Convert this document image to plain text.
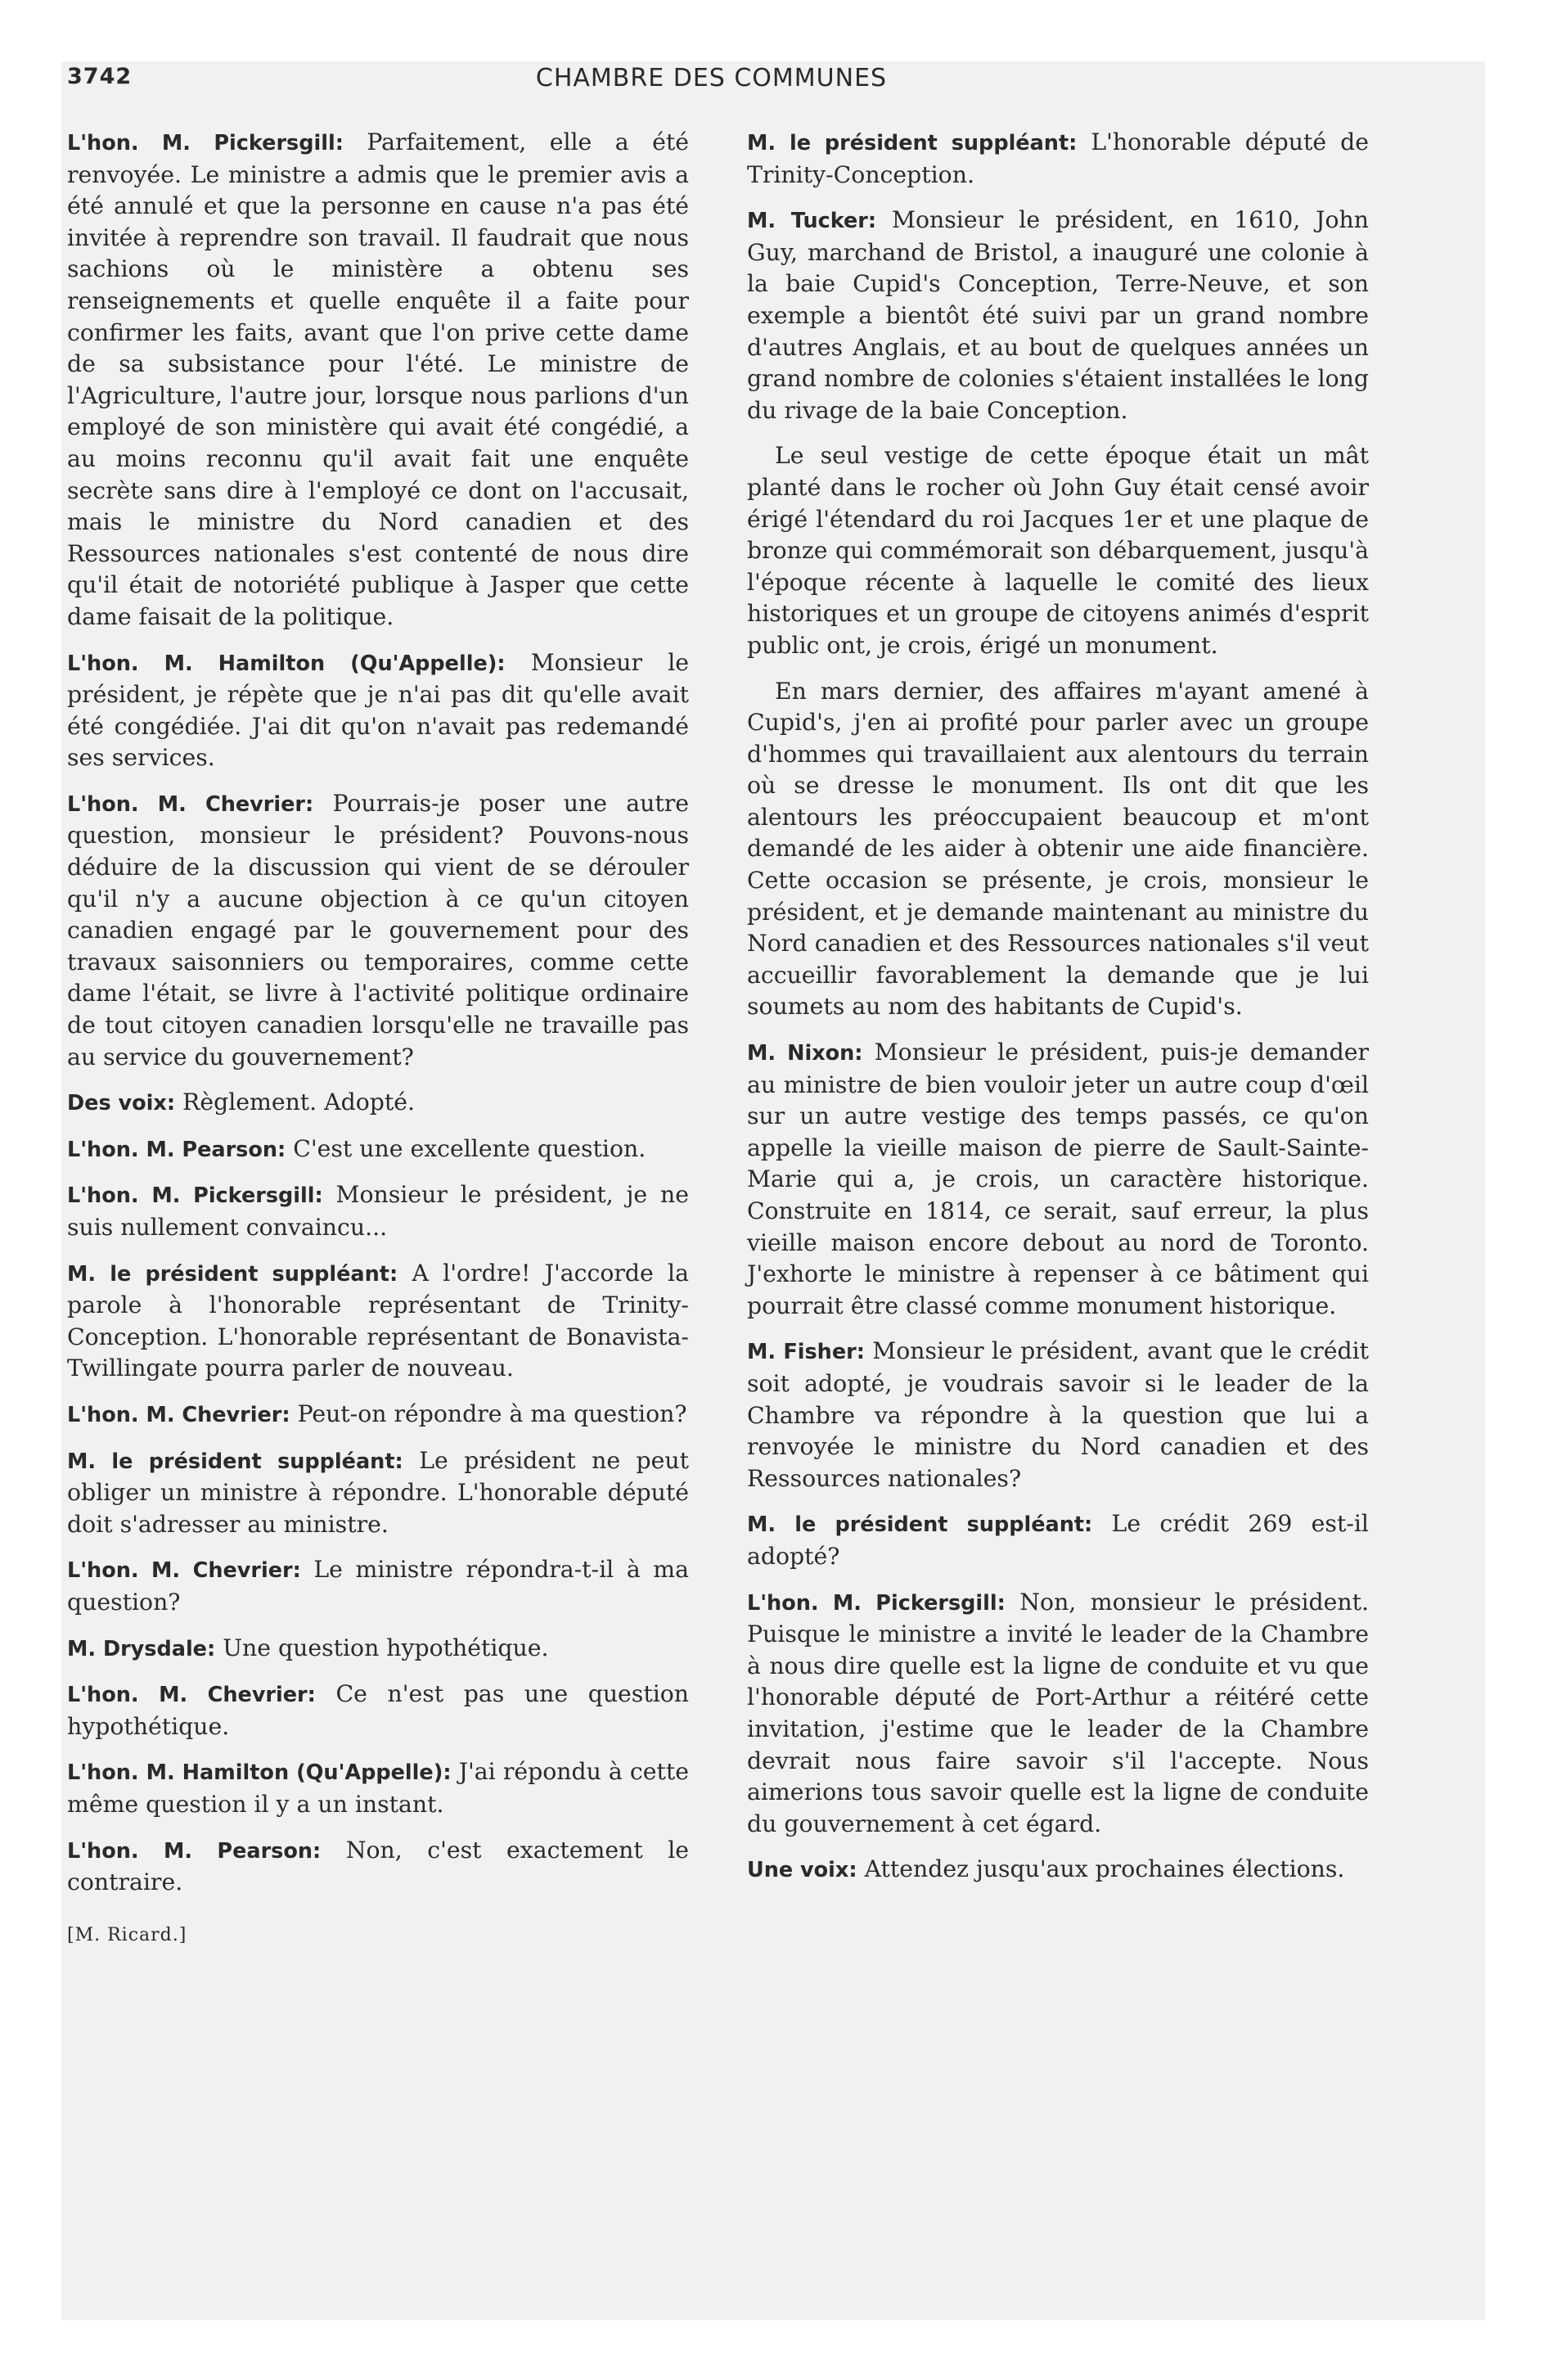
3742	CHAMBRE DES COMMUNES

L'hon. M. Pickersgill: Parfaitement, elle a été renvoyée. Le ministre a admis que le premier avis a été annulé et que la personne en cause n'a pas été invitée à reprendre son travail. Il faudrait que nous sachions où le ministère a obtenu ses renseignements et quelle enquête il a faite pour confirmer les faits, avant que l'on prive cette dame de sa subsistance pour l'été. Le ministre de l'Agriculture, l'autre jour, lorsque nous parlions d'un employé de son ministère qui avait été congédié, a au moins reconnu qu'il avait fait une enquête secrète sans dire à l'employé ce dont on l'accusait, mais le ministre du Nord canadien et des Ressources nationales s'est contenté de nous dire qu'il était de notoriété publique à Jasper que cette dame faisait de la politique.

L'hon. M. Hamilton (Qu'Appelle): Monsieur le président, je répète que je n'ai pas dit qu'elle avait été congédiée. J'ai dit qu'on n'avait pas redemandé ses services.

L'hon. M. Chevrier: Pourrais-je poser une autre question, monsieur le président? Pouvons-nous déduire de la discussion qui vient de se dérouler qu'il n'y a aucune objection à ce qu'un citoyen canadien engagé par le gouvernement pour des travaux saisonniers ou temporaires, comme cette dame l'était, se livre à l'activité politique ordinaire de tout citoyen canadien lorsqu'elle ne travaille pas au service du gouvernement?

Des voix: Règlement. Adopté.

L'hon. M. Pearson: C'est une excellente question.

L'hon. M. Pickersgill: Monsieur le président, je ne suis nullement convaincu...

M. le président suppléant: A l'ordre! J'accorde la parole à l'honorable représentant de Trinity-Conception. L'honorable représentant de Bonavista-Twillingate pourra parler de nouveau.

L'hon. M. Chevrier: Peut-on répondre à ma question?

M. le président suppléant: Le président ne peut obliger un ministre à répondre. L'honorable député doit s'adresser au ministre.

L'hon. M. Chevrier: Le ministre répondra-t-il à ma question?

M. Drysdale: Une question hypothétique.

L'hon. M. Chevrier: Ce n'est pas une question hypothétique.

L'hon. M. Hamilton (Qu'Appelle): J'ai répondu à cette même question il y a un instant.

L'hon. M. Pearson: Non, c'est exactement le contraire.

[M. Ricard.]

M. le président suppléant: L'honorable député de Trinity-Conception.

M. Tucker: Monsieur le président, en 1610, John Guy, marchand de Bristol, a inauguré une colonie à la baie Cupid's Conception, Terre-Neuve, et son exemple a bientôt été suivi par un grand nombre d'autres Anglais, et au bout de quelques années un grand nombre de colonies s'étaient installées le long du rivage de la baie Conception.

Le seul vestige de cette époque était un mât planté dans le rocher où John Guy était censé avoir érigé l'étendard du roi Jacques 1er et une plaque de bronze qui commémorait son débarquement, jusqu'à l'époque récente à laquelle le comité des lieux historiques et un groupe de citoyens animés d'esprit public ont, je crois, érigé un monument.

En mars dernier, des affaires m'ayant amené à Cupid's, j'en ai profité pour parler avec un groupe d'hommes qui travaillaient aux alentours du terrain où se dresse le monument. Ils ont dit que les alentours les préoccupaient beaucoup et m'ont demandé de les aider à obtenir une aide financière. Cette occasion se présente, je crois, monsieur le président, et je demande maintenant au ministre du Nord canadien et des Ressources nationales s'il veut accueillir favorablement la demande que je lui soumets au nom des habitants de Cupid's.

M. Nixon: Monsieur le président, puis-je demander au ministre de bien vouloir jeter un autre coup d'œil sur un autre vestige des temps passés, ce qu'on appelle la vieille maison de pierre de Sault-Sainte-Marie qui a, je crois, un caractère historique. Construite en 1814, ce serait, sauf erreur, la plus vieille maison encore debout au nord de Toronto. J'exhorte le ministre à repenser à ce bâtiment qui pourrait être classé comme monument historique.

M. Fisher: Monsieur le président, avant que le crédit soit adopté, je voudrais savoir si le leader de la Chambre va répondre à la question que lui a renvoyée le ministre du Nord canadien et des Ressources nationales?

M. le président suppléant: Le crédit 269 est-il adopté?

L'hon. M. Pickersgill: Non, monsieur le président. Puisque le ministre a invité le leader de la Chambre à nous dire quelle est la ligne de conduite et vu que l'honorable député de Port-Arthur a réitéré cette invitation, j'estime que le leader de la Chambre devrait nous faire savoir s'il l'accepte. Nous aimerions tous savoir quelle est la ligne de conduite du gouvernement à cet égard.

Une voix: Attendez jusqu'aux prochaines élections.
